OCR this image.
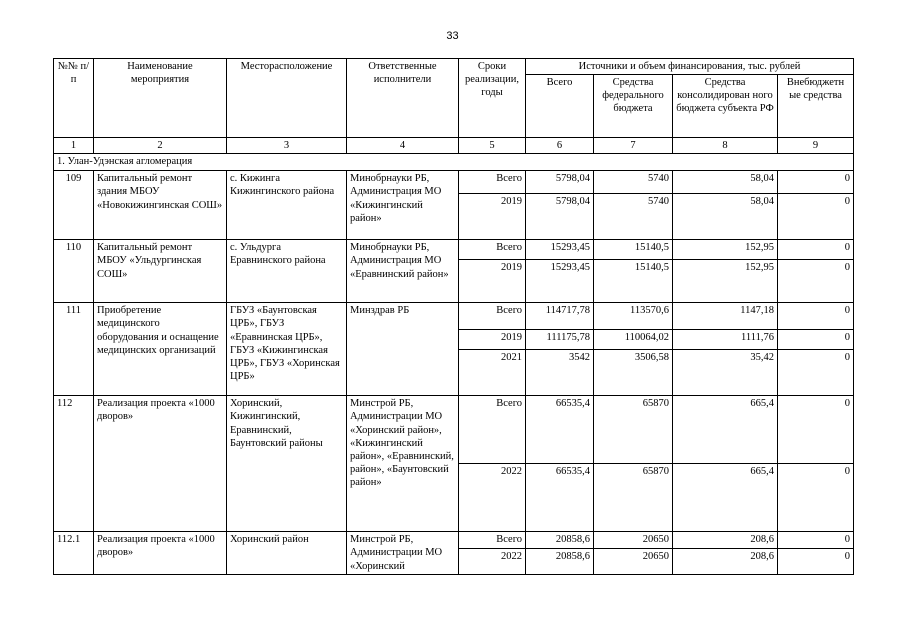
33
№№ п/п	Наименование мероприятия	Месторасположение	Ответственные исполнители	Сроки реализации, годы	Источники и объем финансирования, тыс. рублей			
					Всего	Средства федерального бюджета	Средства консолидирован ного бюджета субъекта РФ	Внебюджетн ые средства
1	2	3	4	5	6	7	8	9
1. Улан-Удэнская агломерация								
109	Капитальный ремонт здания МБОУ «Новокижингинская СОШ»	с. Кижинга Кижингинского района	Минобрнауки РБ, Администрация МО «Кижингинский район»	Всего	5798,04	5740	58,04	0
				2019	5798,04	5740	58,04	0
110	Капитальный ремонт МБОУ «Ульдургинская СОШ»	с. Ульдурга Еравнинского района	Минобрнауки РБ, Администрация МО «Еравнинский район»	Всего	15293,45	15140,5	152,95	0
				2019	15293,45	15140,5	152,95	0
111	Приобретение медицинского оборудования и оснащение медицинских организаций	ГБУЗ «Баунтовская ЦРБ», ГБУЗ «Еравнинская ЦРБ», ГБУЗ «Кижингинская ЦРБ», ГБУЗ «Хоринская ЦРБ»	Минздрав РБ	Всего	114717,78	113570,6	1147,18	0
				2019	111175,78	110064,02	1111,76	0
				2021	3542	3506,58	35,42	0
112	Реализация проекта «1000 дворов»	Хоринский, Кижингинский, Еравнинский, Баунтовский районы	Минстрой РБ, Администрации МО «Хоринский район», «Кижингинский район», «Еравнинский, район», «Баунтовский район»	Всего	66535,4	65870	665,4	0
				2022	66535,4	65870	665,4	0
112.1	Реализация проекта «1000 дворов»	Хоринский район	Минстрой РБ, Администрации МО «Хоринский	Всего	20858,6	20650	208,6	0
				2022	20858,6	20650	208,6	0
